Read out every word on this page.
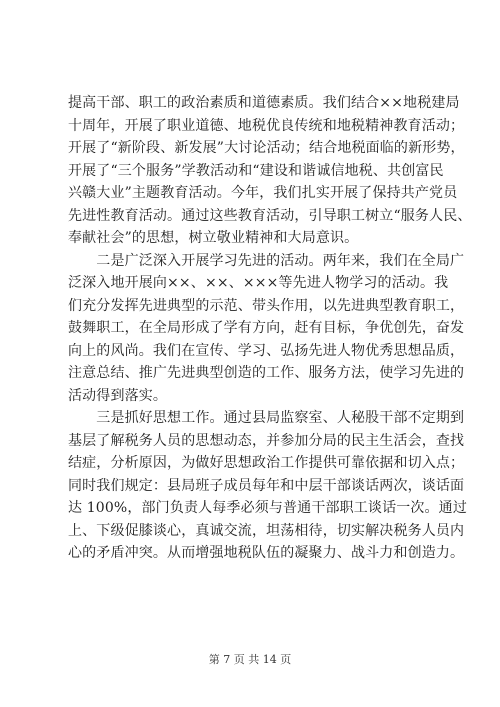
提高干部、职工的政治素质和道德素质。我们结合××地税建局
十周年，开展了职业道德、地税优良传统和地税精神教育活动；
开展了“新阶段、新发展”大讨论活动；结合地税面临的新形势，
开展了“三个服务”学教活动和“建设和谐诚信地税、共创富民
兴赣大业”主题教育活动。今年，我们扎实开展了保持共产党员
先进性教育活动。通过这些教育活动，引导职工树立“服务人民、
奉献社会”的思想，树立敬业精神和大局意识。
　　二是广泛深入开展学习先进的活动。两年来，我们在全局广
泛深入地开展向××、××、×××等先进人物学习的活动。我
们充分发挥先进典型的示范、带头作用，以先进典型教育职工，
鼓舞职工，在全局形成了学有方向，赶有目标，争优创先，奋发
向上的风尚。我们在宣传、学习、弘扬先进人物优秀思想品质，
注意总结、推广先进典型创造的工作、服务方法，使学习先进的
活动得到落实。
　　三是抓好思想工作。通过县局监察室、人秘股干部不定期到
基层了解税务人员的思想动态，并参加分局的民主生活会，查找
结症，分析原因，为做好思想政治工作提供可靠依据和切入点；
同时我们规定：县局班子成员每年和中层干部谈话两次，谈话面
达 100%，部门负责人每季必须与普通干部职工谈话一次。通过
上、下级促膝谈心，真诚交流，坦荡相待，切实解决税务人员内
心的矛盾冲突。从而增强地税队伍的凝聚力、战斗力和创造力。
第 7 页 共 14 页
